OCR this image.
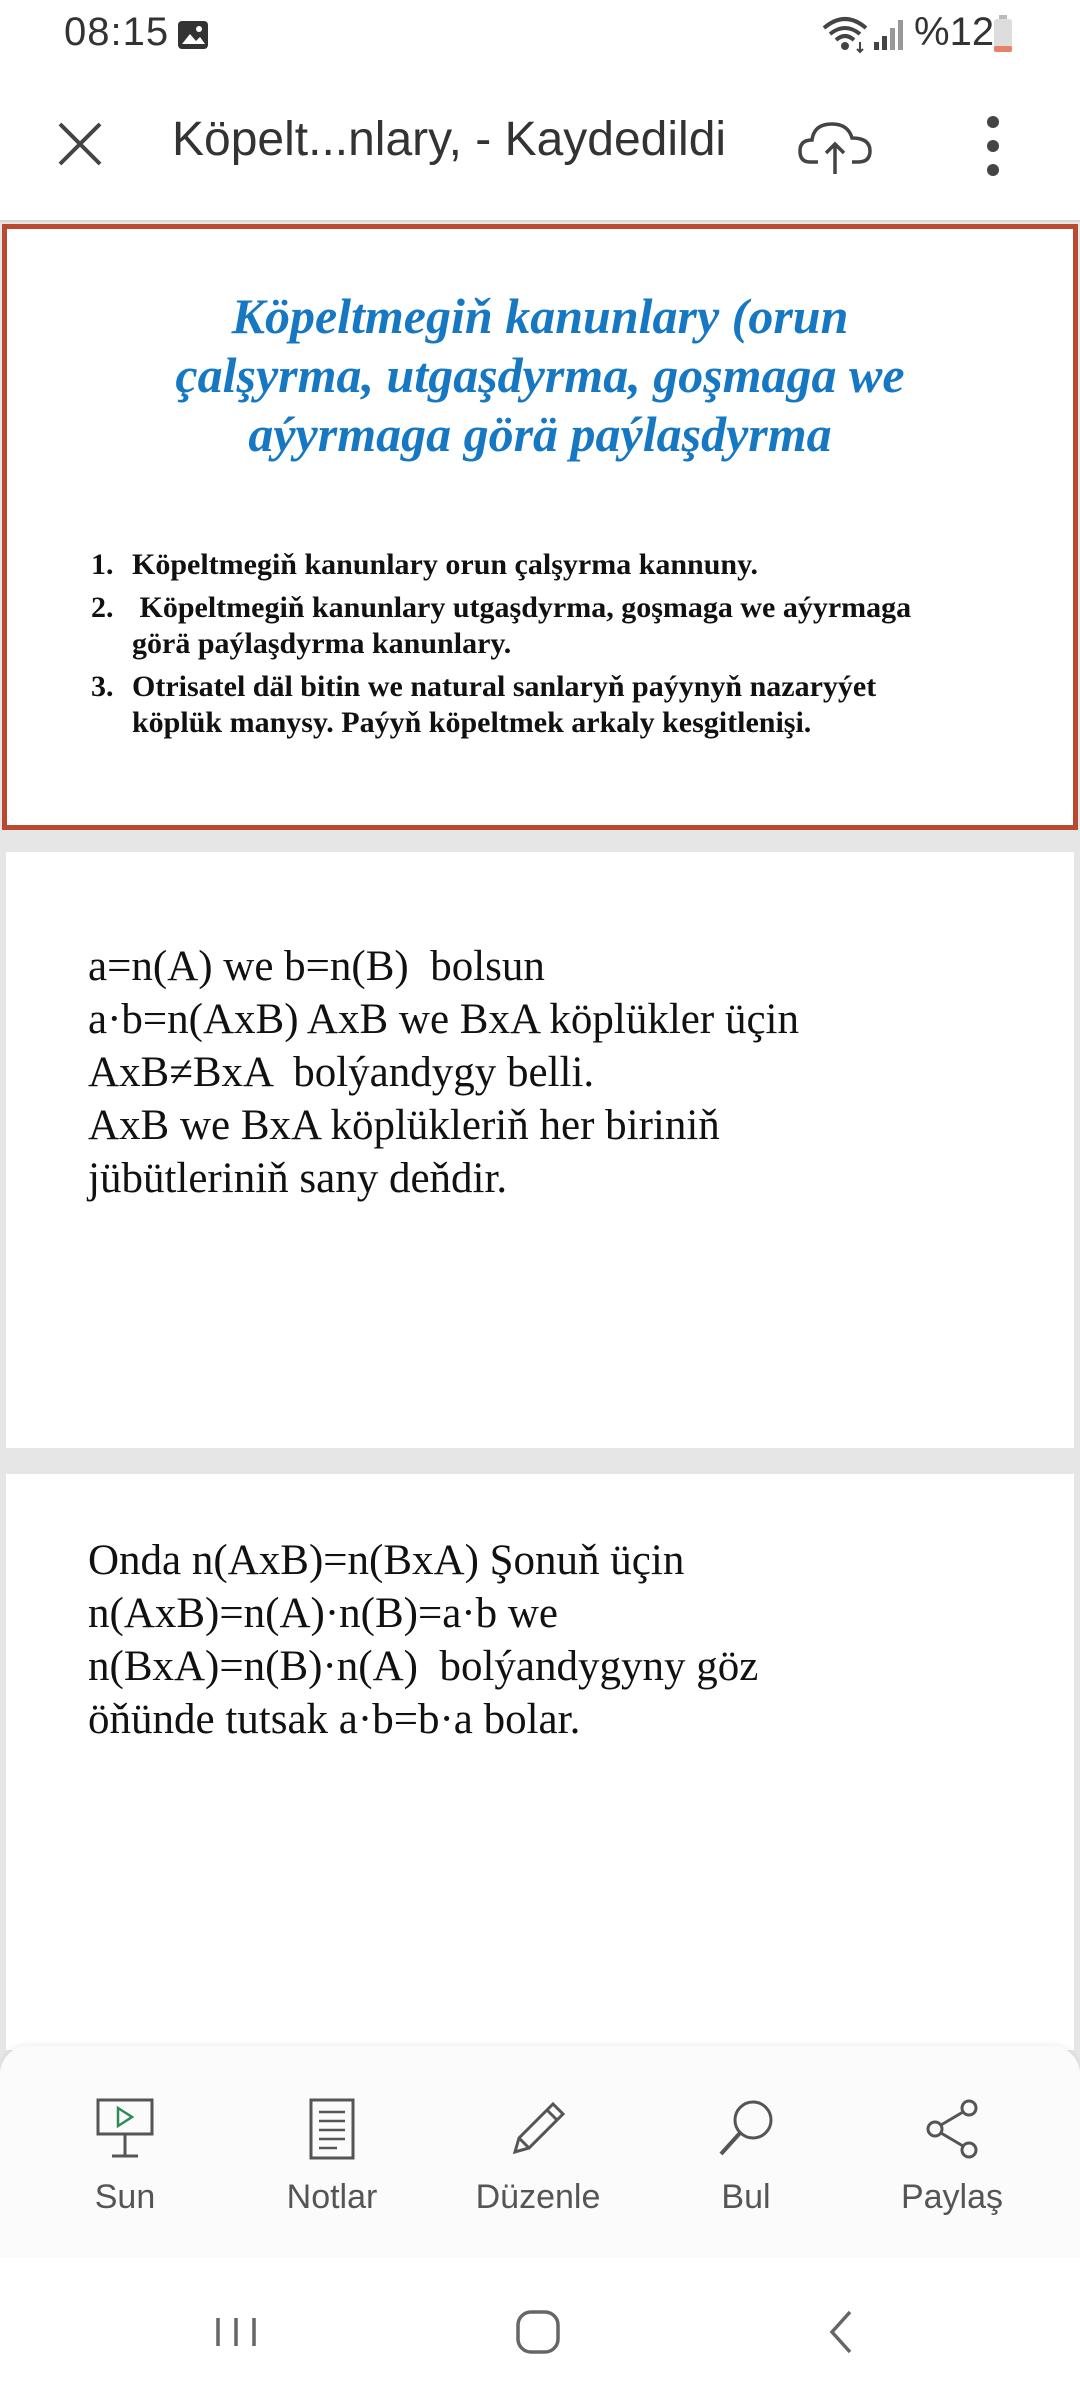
08:15	%12
Köpelt...nlary, - Kaydedildi
Köpeltmegiň kanunlary (orun
çalşyrma, utgaşdyrma, goşmaga we
aýyrmaga görä paýlaşdyrma
1. Köpeltmegiň kanunlary orun çalşyrma kannuny.
2. Köpeltmegiň kanunlary utgaşdyrma, goşmaga we aýyrmaga
görä paýlaşdyrma kanunlary.
3. Otrisatel däl bitin we natural sanlaryň paýynyň nazaryýet
köplük manysy. Paýyň köpeltmek arkaly kesgitlenişi.
a=n(A) we b=n(B)  bolsun
a·b=n(AxB) AxB we BxA köplükler üçin
AxB≠BxA  bolýandygy belli.
AxB we BxA köplükleriň her biriniň
jübütleriniň sany deňdir.
Onda n(AxB)=n(BxA) Şonuň üçin
n(AxB)=n(A)·n(B)=a·b we
n(BxA)=n(B)·n(A)  bolýandygyny göz
öňünde tutsak a·b=b·a bolar.
Sun	Notlar	Düzenle	Bul	Paylaş
